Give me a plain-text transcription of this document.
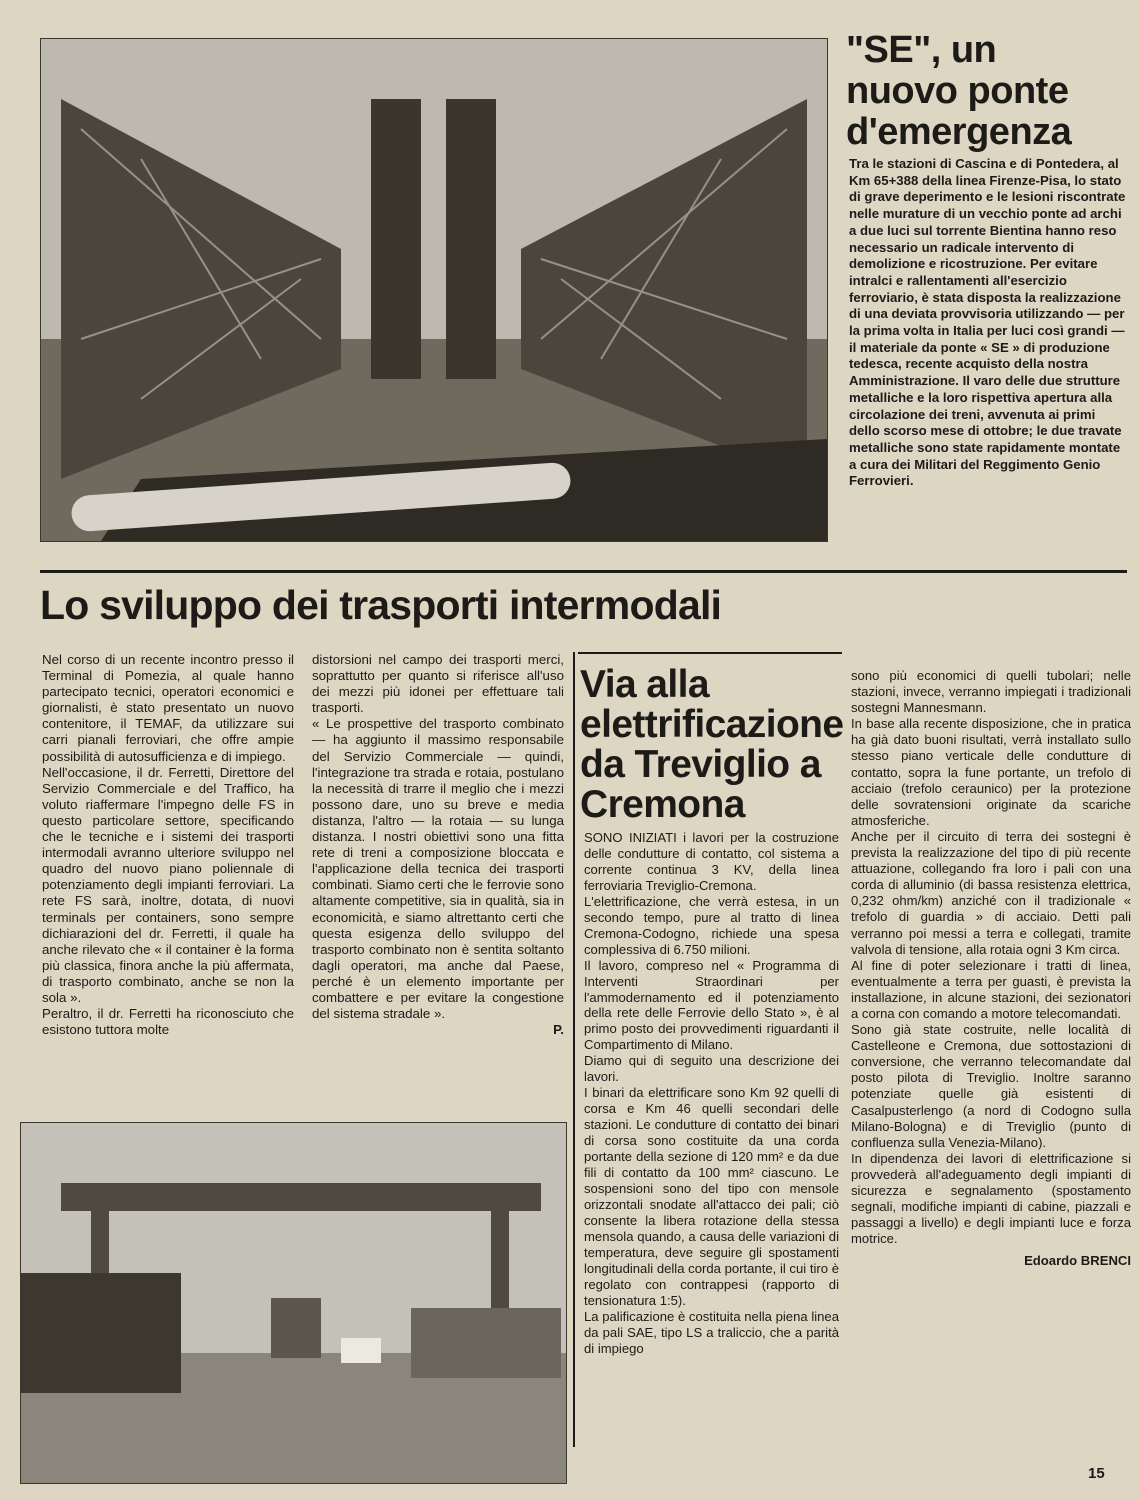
"SE", un nuovo ponte d'emergenza
Tra le stazioni di Cascina e di Pontedera, al Km 65+388 della linea Firenze-Pisa, lo stato di grave deperimento e le lesioni riscontrate nelle murature di un vecchio ponte ad archi a due luci sul torrente Bientina hanno reso necessario un radicale intervento di demolizione e ricostruzione. Per evitare intralci e rallentamenti all'esercizio ferroviario, è stata disposta la realizzazione di una deviata provvisoria utilizzando — per la prima volta in Italia per luci così grandi — il materiale da ponte « SE » di produzione tedesca, recente acquisto della nostra Amministrazione. Il varo delle due strutture metalliche e la loro rispettiva apertura alla circolazione dei treni, avvenuta ai primi dello scorso mese di ottobre; le due travate metalliche sono state rapidamente montate a cura dei Militari del Reggimento Genio Ferrovieri.
Lo sviluppo dei trasporti intermodali

Nel corso di un recente incontro presso il Terminal di Pomezia, al quale hanno partecipato tecnici, operatori economici e giornalisti, è stato presentato un nuovo contenitore, il TEMAF, da utilizzare sui carri pianali ferroviari, che offre ampie possibilità di autosufficienza e di impiego.

Nell'occasione, il dr. Ferretti, Direttore del Servizio Commerciale e del Traffico, ha voluto riaffermare l'impegno delle FS in questo particolare settore, specificando che le tecniche e i sistemi dei trasporti intermodali avranno ulteriore sviluppo nel quadro del nuovo piano poliennale di potenziamento degli impianti ferroviari. La rete FS sarà, inoltre, dotata, di nuovi terminals per containers, sono sempre dichiarazioni del dr. Ferretti, il quale ha anche rilevato che « il container è la forma più classica, finora anche la più affermata, di trasporto combinato, anche se non la sola ».

Peraltro, il dr. Ferretti ha riconosciuto che esistono tuttora molte

distorsioni nel campo dei trasporti merci, soprattutto per quanto si riferisce all'uso dei mezzi più idonei per effettuare tali trasporti.

« Le prospettive del trasporto combinato — ha aggiunto il massimo responsabile del Servizio Commerciale — quindi, l'integrazione tra strada e rotaia, postulano la necessità di trarre il meglio che i mezzi possono dare, uno su breve e media distanza, l'altro — la rotaia — su lunga distanza. I nostri obiettivi sono una fitta rete di treni a composizione bloccata e l'applicazione della tecnica dei trasporti combinati. Siamo certi che le ferrovie sono altamente competitive, sia in qualità, sia in economicità, e siamo altrettanto certi che questa esigenza dello sviluppo del trasporto combinato non è sentita soltanto dagli operatori, ma anche dal Paese, perché è un elemento importante per combattere e per evitare la congestione del sistema stradale ».

P.

Via alla elettrificazione da Treviglio a Cremona

SONO INIZIATI i lavori per la costruzione delle condutture di contatto, col sistema a corrente continua 3 KV, della linea ferroviaria Treviglio-Cremona.

L'elettrificazione, che verrà estesa, in un secondo tempo, pure al tratto di linea Cremona-Codogno, richiede una spesa complessiva di 6.750 milioni.

Il lavoro, compreso nel « Programma di Interventi Straordinari per l'ammodernamento ed il potenziamento della rete delle Ferrovie dello Stato », è al primo posto dei provvedimenti riguardanti il Compartimento di Milano.

Diamo qui di seguito una descrizione dei lavori.

I binari da elettrificare sono Km 92 quelli di corsa e Km 46 quelli secondari delle stazioni. Le condutture di contatto dei binari di corsa sono costituite da una corda portante della sezione di 120 mm² e da due fili di contatto da 100 mm² ciascuno. Le sospensioni sono del tipo con mensole orizzontali snodate all'attacco dei pali; ciò consente la libera rotazione della stessa mensola quando, a causa delle variazioni di temperatura, deve seguire gli spostamenti longitudinali della corda portante, il cui tiro è regolato con contrappesi (rapporto di tensionatura 1:5).

La palificazione è costituita nella piena linea da pali SAE, tipo LS a traliccio, che a parità di impiego

sono più economici di quelli tubolari; nelle stazioni, invece, verranno impiegati i tradizionali sostegni Mannesmann.

In base alla recente disposizione, che in pratica ha già dato buoni risultati, verrà installato sullo stesso piano verticale delle condutture di contatto, sopra la fune portante, un trefolo di acciaio (trefolo ceraunico) per la protezione delle sovratensioni originate da scariche atmosferiche.

Anche per il circuito di terra dei sostegni è prevista la realizzazione del tipo di più recente attuazione, collegando fra loro i pali con una corda di alluminio (di bassa resistenza elettrica, 0,232 ohm/km) anziché con il tradizionale « trefolo di guardia » di acciaio. Detti pali verranno poi messi a terra e collegati, tramite valvola di tensione, alla rotaia ogni 3 Km circa.

Al fine di poter selezionare i tratti di linea, eventualmente a terra per guasti, è prevista la installazione, in alcune stazioni, dei sezionatori a corna con comando a motore telecomandati.

Sono già state costruite, nelle località di Castelleone e Cremona, due sottostazioni di conversione, che verranno telecomandate dal posto pilota di Treviglio. Inoltre saranno potenziate quelle già esistenti di Casalpusterlengo (a nord di Codogno sulla Milano-Bologna) e di Treviglio (punto di confluenza sulla Venezia-Milano).

In dipendenza dei lavori di elettrificazione si provvederà all'adeguamento degli impianti di sicurezza e segnalamento (spostamento segnali, modifiche impianti di cabine, piazzali e passaggi a livello) e degli impianti luce e forza motrice.

Edoardo BRENCI

15
